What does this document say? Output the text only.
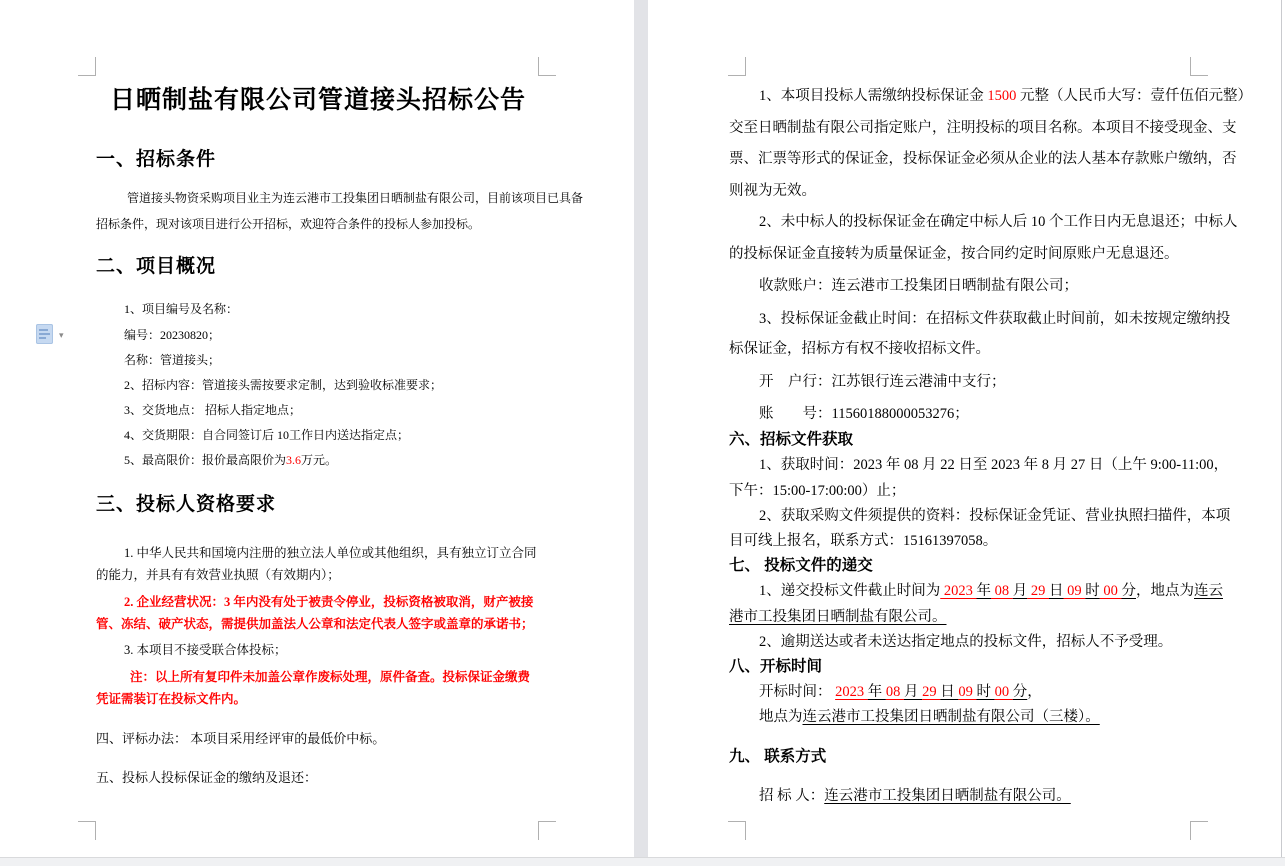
日晒制盐有限公司管道接头招标公告
一、招标条件
管道接头物资采购项目业主为连云港市工投集团日晒制盐有限公司，目前该项目已具备
招标条件，现对该项目进行公开招标，欢迎符合条件的投标人参加投标。
二、项目概况
1、项目编号及名称：
编号：20230820；
名称：管道接头；
2、招标内容：管道接头需按要求定制，达到验收标准要求；
3、交货地点： 招标人指定地点；
4、交货期限：自合同签订后 10工作日内送达指定点；
5、最高限价：报价最高限价为3.6万元。
三、投标人资格要求
1. 中华人民共和国境内注册的独立法人单位或其他组织，具有独立订立合同
的能力，并具有有效营业执照（有效期内）；
2. 企业经营状况：3 年内没有处于被责令停业，投标资格被取消，财产被接
管、冻结、破产状态，需提供加盖法人公章和法定代表人签字或盖章的承诺书；
3. 本项目不接受联合体投标；
注：以上所有复印件未加盖公章作废标处理，原件备查。投标保证金缴费
凭证需装订在投标文件内。
四、评标办法： 本项目采用经评审的最低价中标。
五、投标人投标保证金的缴纳及退还：
1、本项目投标人需缴纳投标保证金 1500 元整（人民币大写：壹仟伍佰元整）
交至日晒制盐有限公司指定账户，注明投标的项目名称。本项目不接受现金、支
票、汇票等形式的保证金，投标保证金必须从企业的法人基本存款账户缴纳，否
则视为无效。
2、未中标人的投标保证金在确定中标人后 10 个工作日内无息退还；中标人
的投标保证金直接转为质量保证金，按合同约定时间原账户无息退还。
收款账户：连云港市工投集团日晒制盐有限公司；
3、投标保证金截止时间：在招标文件获取截止时间前，如未按规定缴纳投
标保证金，招标方有权不接收招标文件。
开　户行：江苏银行连云港浦中支行；
账　　号：11560188000053276；
六、招标文件获取
1、获取时间：2023 年 08 月 22 日至 2023 年 8 月 27 日（上午 9:00-11:00，
下午：15:00-17:00:00）止；
2、获取采购文件须提供的资料：投标保证金凭证、营业执照扫描件，本项
目可线上报名，联系方式：15161397058。
七、 投标文件的递交
1、递交投标文件截止时间为 2023 年 08 月 29 日 09 时 00 分，地点为连云
港市工投集团日晒制盐有限公司。
2、逾期送达或者未送达指定地点的投标文件，招标人不予受理。
八、开标时间
开标时间： 2023 年 08 月 29 日 09 时 00 分，
地点为连云港市工投集团日晒制盐有限公司（三楼）。
九、 联系方式
招 标 人：连云港市工投集团日晒制盐有限公司。
▾
